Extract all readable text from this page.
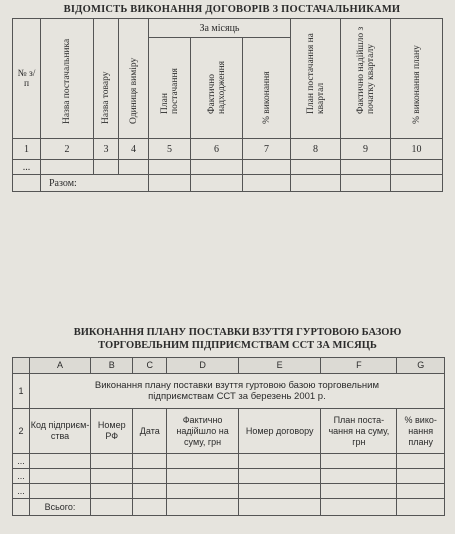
ВІДОМІСТЬ ВИКОНАННЯ ДОГОВОРІВ З ПОСТАЧАЛЬНИКАМИ
№ з/п	Назва постачальника	Назва товару	Одиниця виміру	За місяць			План постачання на квартал	Фактично надійшло з початку кварталу	% виконання плану

				План постачання	Фактично надходження	% виконання			

1	2	3	4	5	6	7	8	9	10
...									
	Разом:								
ВИКОНАННЯ ПЛАНУ ПОСТАВКИ ВЗУТТЯ ГУРТОВОЮ БАЗОЮ
ТОРГОВЕЛЬНИМ ПІДПРИЄМСТВАМ ССТ ЗА МІСЯЦЬ
	A	B	C	D	E	F	G
1	Виконання плану поставки взуття гуртовою базою торговельним підприємствам ССТ за березень 2001 р.						
2	Код підприєм-ства	Номер РФ	Дата	Фактично надійшло на суму, грн	Номер договору	План поста-чання на суму, грн	% вико-нання плану
...							
...							
...							
	Всього:						
